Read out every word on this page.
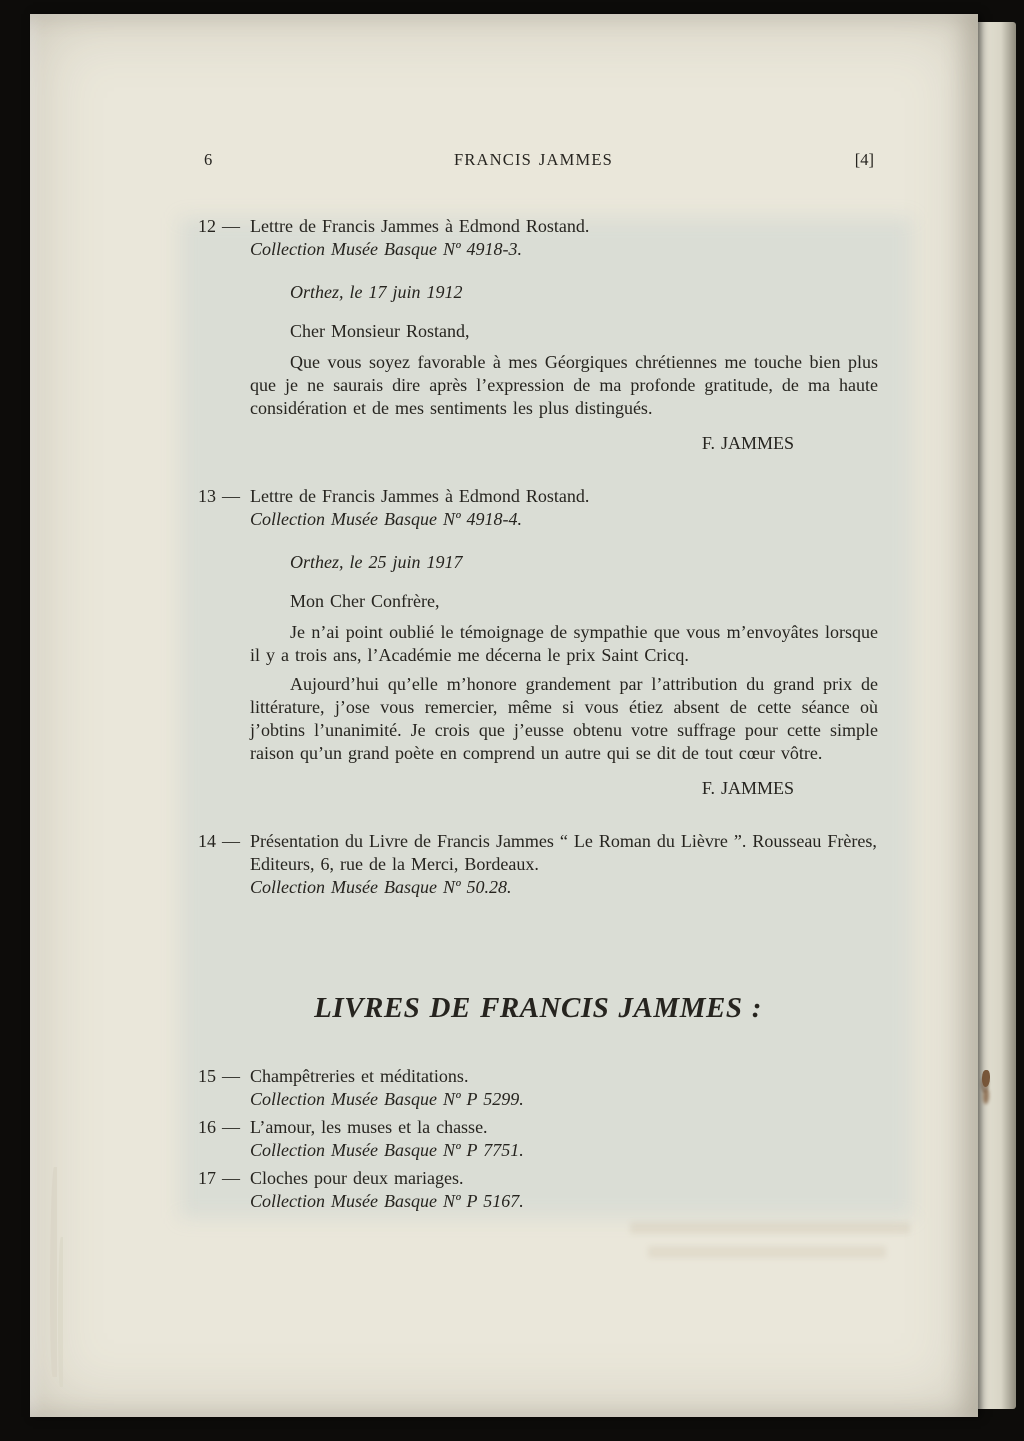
6	FRANCIS JAMMES	[4]
12 — Lettre de Francis Jammes à Edmond Rostand.
Collection Musée Basque Nº 4918-3.
Orthez, le 17 juin 1912
Cher Monsieur Rostand,

Que vous soyez favorable à mes Géorgiques chrétiennes me touche bien plus que je ne saurais dire après l’expression de ma profonde gratitude, de ma haute considération et de mes sentiments les plus distingués.

F. JAMMES
13 — Lettre de Francis Jammes à Edmond Rostand.
Collection Musée Basque Nº 4918-4.
Orthez, le 25 juin 1917
Mon Cher Confrère,

Je n’ai point oublié le témoignage de sympathie que vous m’envoyâtes lorsque il y a trois ans, l’Académie me décerna le prix Saint Cricq.

Aujourd’hui qu’elle m’honore grandement par l’attribution du grand prix de littérature, j’ose vous remercier, même si vous étiez absent de cette séance où j’obtins l’unanimité. Je crois que j’eusse obtenu votre suffrage pour cette simple raison qu’un grand poète en comprend un autre qui se dit de tout cœur vôtre.

F. JAMMES
14 — Présentation du Livre de Francis Jammes “ Le Roman du Lièvre ”. Rousseau Frères, Editeurs, 6, rue de la Merci, Bordeaux.
Collection Musée Basque Nº 50.28.
LIVRES DE FRANCIS JAMMES :
15 — Champêtreries et méditations.
Collection Musée Basque Nº P 5299.
16 — L’amour, les muses et la chasse.
Collection Musée Basque Nº P 7751.
17 — Cloches pour deux mariages.
Collection Musée Basque Nº P 5167.
